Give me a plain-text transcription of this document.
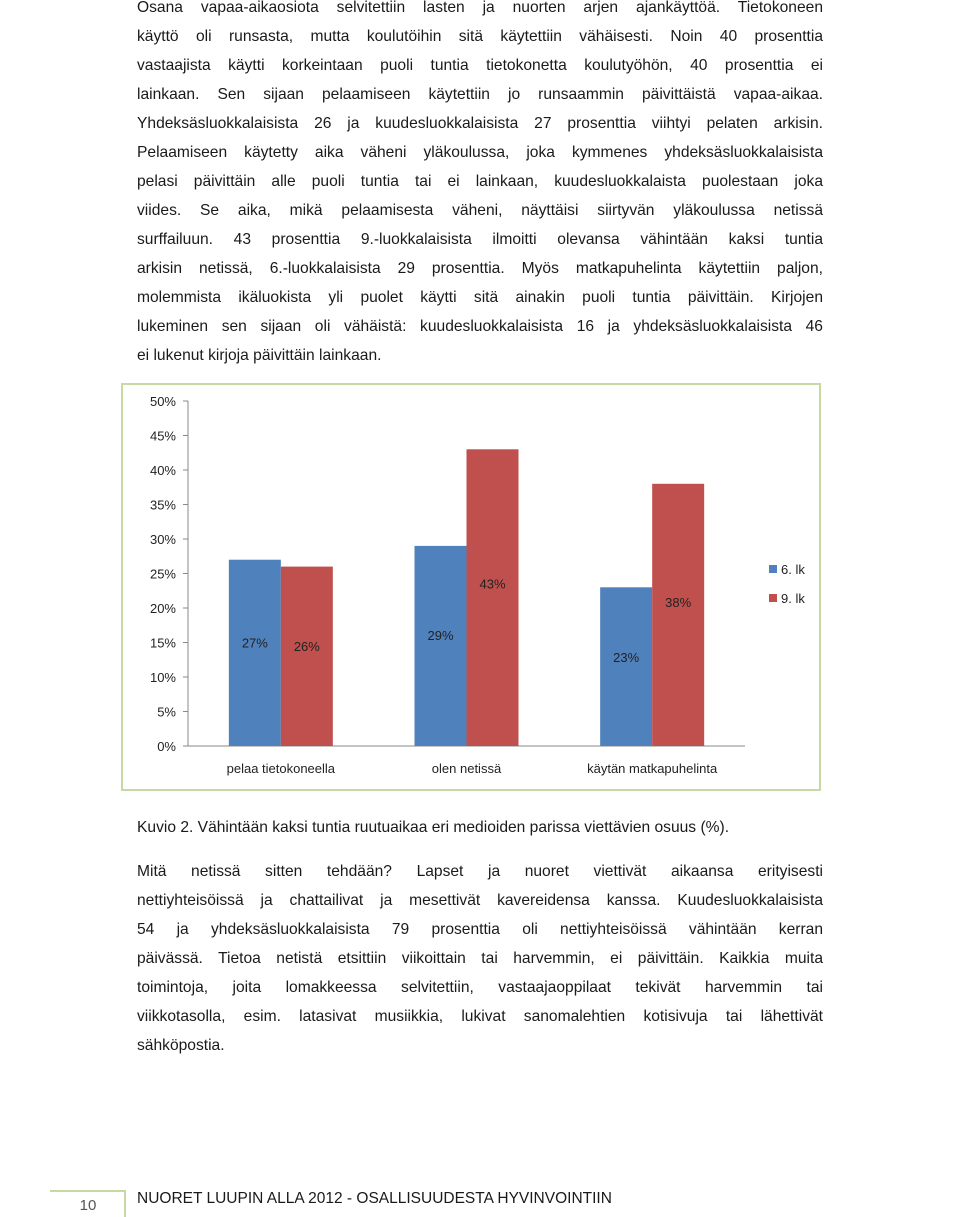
Osana vapaa-aikaosiota selvitettiin lasten ja nuorten arjen ajankäyttöä. Tietokoneen
käyttö oli runsasta, mutta koulutöihin sitä käytettiin vähäisesti. Noin 40 prosenttia
vastaajista käytti korkeintaan puoli tuntia tietokonetta koulutyöhön, 40 prosenttia ei
lainkaan. Sen sijaan pelaamiseen käytettiin jo runsaammin päivittäistä vapaa-aikaa.
Yhdeksäsluokkalaisista 26 ja kuudesluokkalaisista 27 prosenttia viihtyi pelaten arkisin.
Pelaamiseen käytetty aika väheni yläkoulussa, joka kymmenes yhdeksäsluokkalaisista
pelasi päivittäin alle puoli tuntia tai ei lainkaan, kuudesluokkalaista puolestaan joka
viides. Se aika, mikä pelaamisesta väheni, näyttäisi siirtyvän yläkoulussa netissä
surffailuun. 43 prosenttia 9.-luokkalaisista ilmoitti olevansa vähintään kaksi tuntia
arkisin netissä, 6.-luokkalaisista 29 prosenttia. Myös matkapuhelinta käytettiin paljon,
molemmista ikäluokista yli puolet käytti sitä ainakin puoli tuntia päivittäin. Kirjojen
lukeminen sen sijaan oli vähäistä: kuudesluokkalaisista 16 ja yhdeksäsluokkalaisista 46
ei lukenut kirjoja päivittäin lainkaan.
0%
5%
10%
15%
20%
25%
30%
35%
40%
45%
50%
27% 26%
pelaa tietokoneella
29%
43%
olen netissä
23%
38%
käytän matkapuhelinta
6. lk
9. lk
Kuvio 2. Vähintään kaksi tuntia ruutuaikaa eri medioiden parissa viettävien osuus (%).
Mitä netissä sitten tehdään? Lapset ja nuoret viettivät aikaansa erityisesti
nettiyhteisöissä ja chattailivat ja mesettivät kavereidensa kanssa. Kuudesluokkalaisista
54 ja yhdeksäsluokkalaisista 79 prosenttia oli nettiyhteisöissä vähintään kerran
päivässä. Tietoa netistä etsittiin viikoittain tai harvemmin, ei päivittäin. Kaikkia muita
toimintoja, joita lomakkeessa selvitettiin, vastaajaoppilaat tekivät harvemmin tai
viikkotasolla, esim. latasivat musiikkia, lukivat sanomalehtien kotisivuja tai lähettivät
sähköpostia.
10	NUORET LUUPIN ALLA 2012 - OSALLISUUDESTA HYVINVOINTIIN
